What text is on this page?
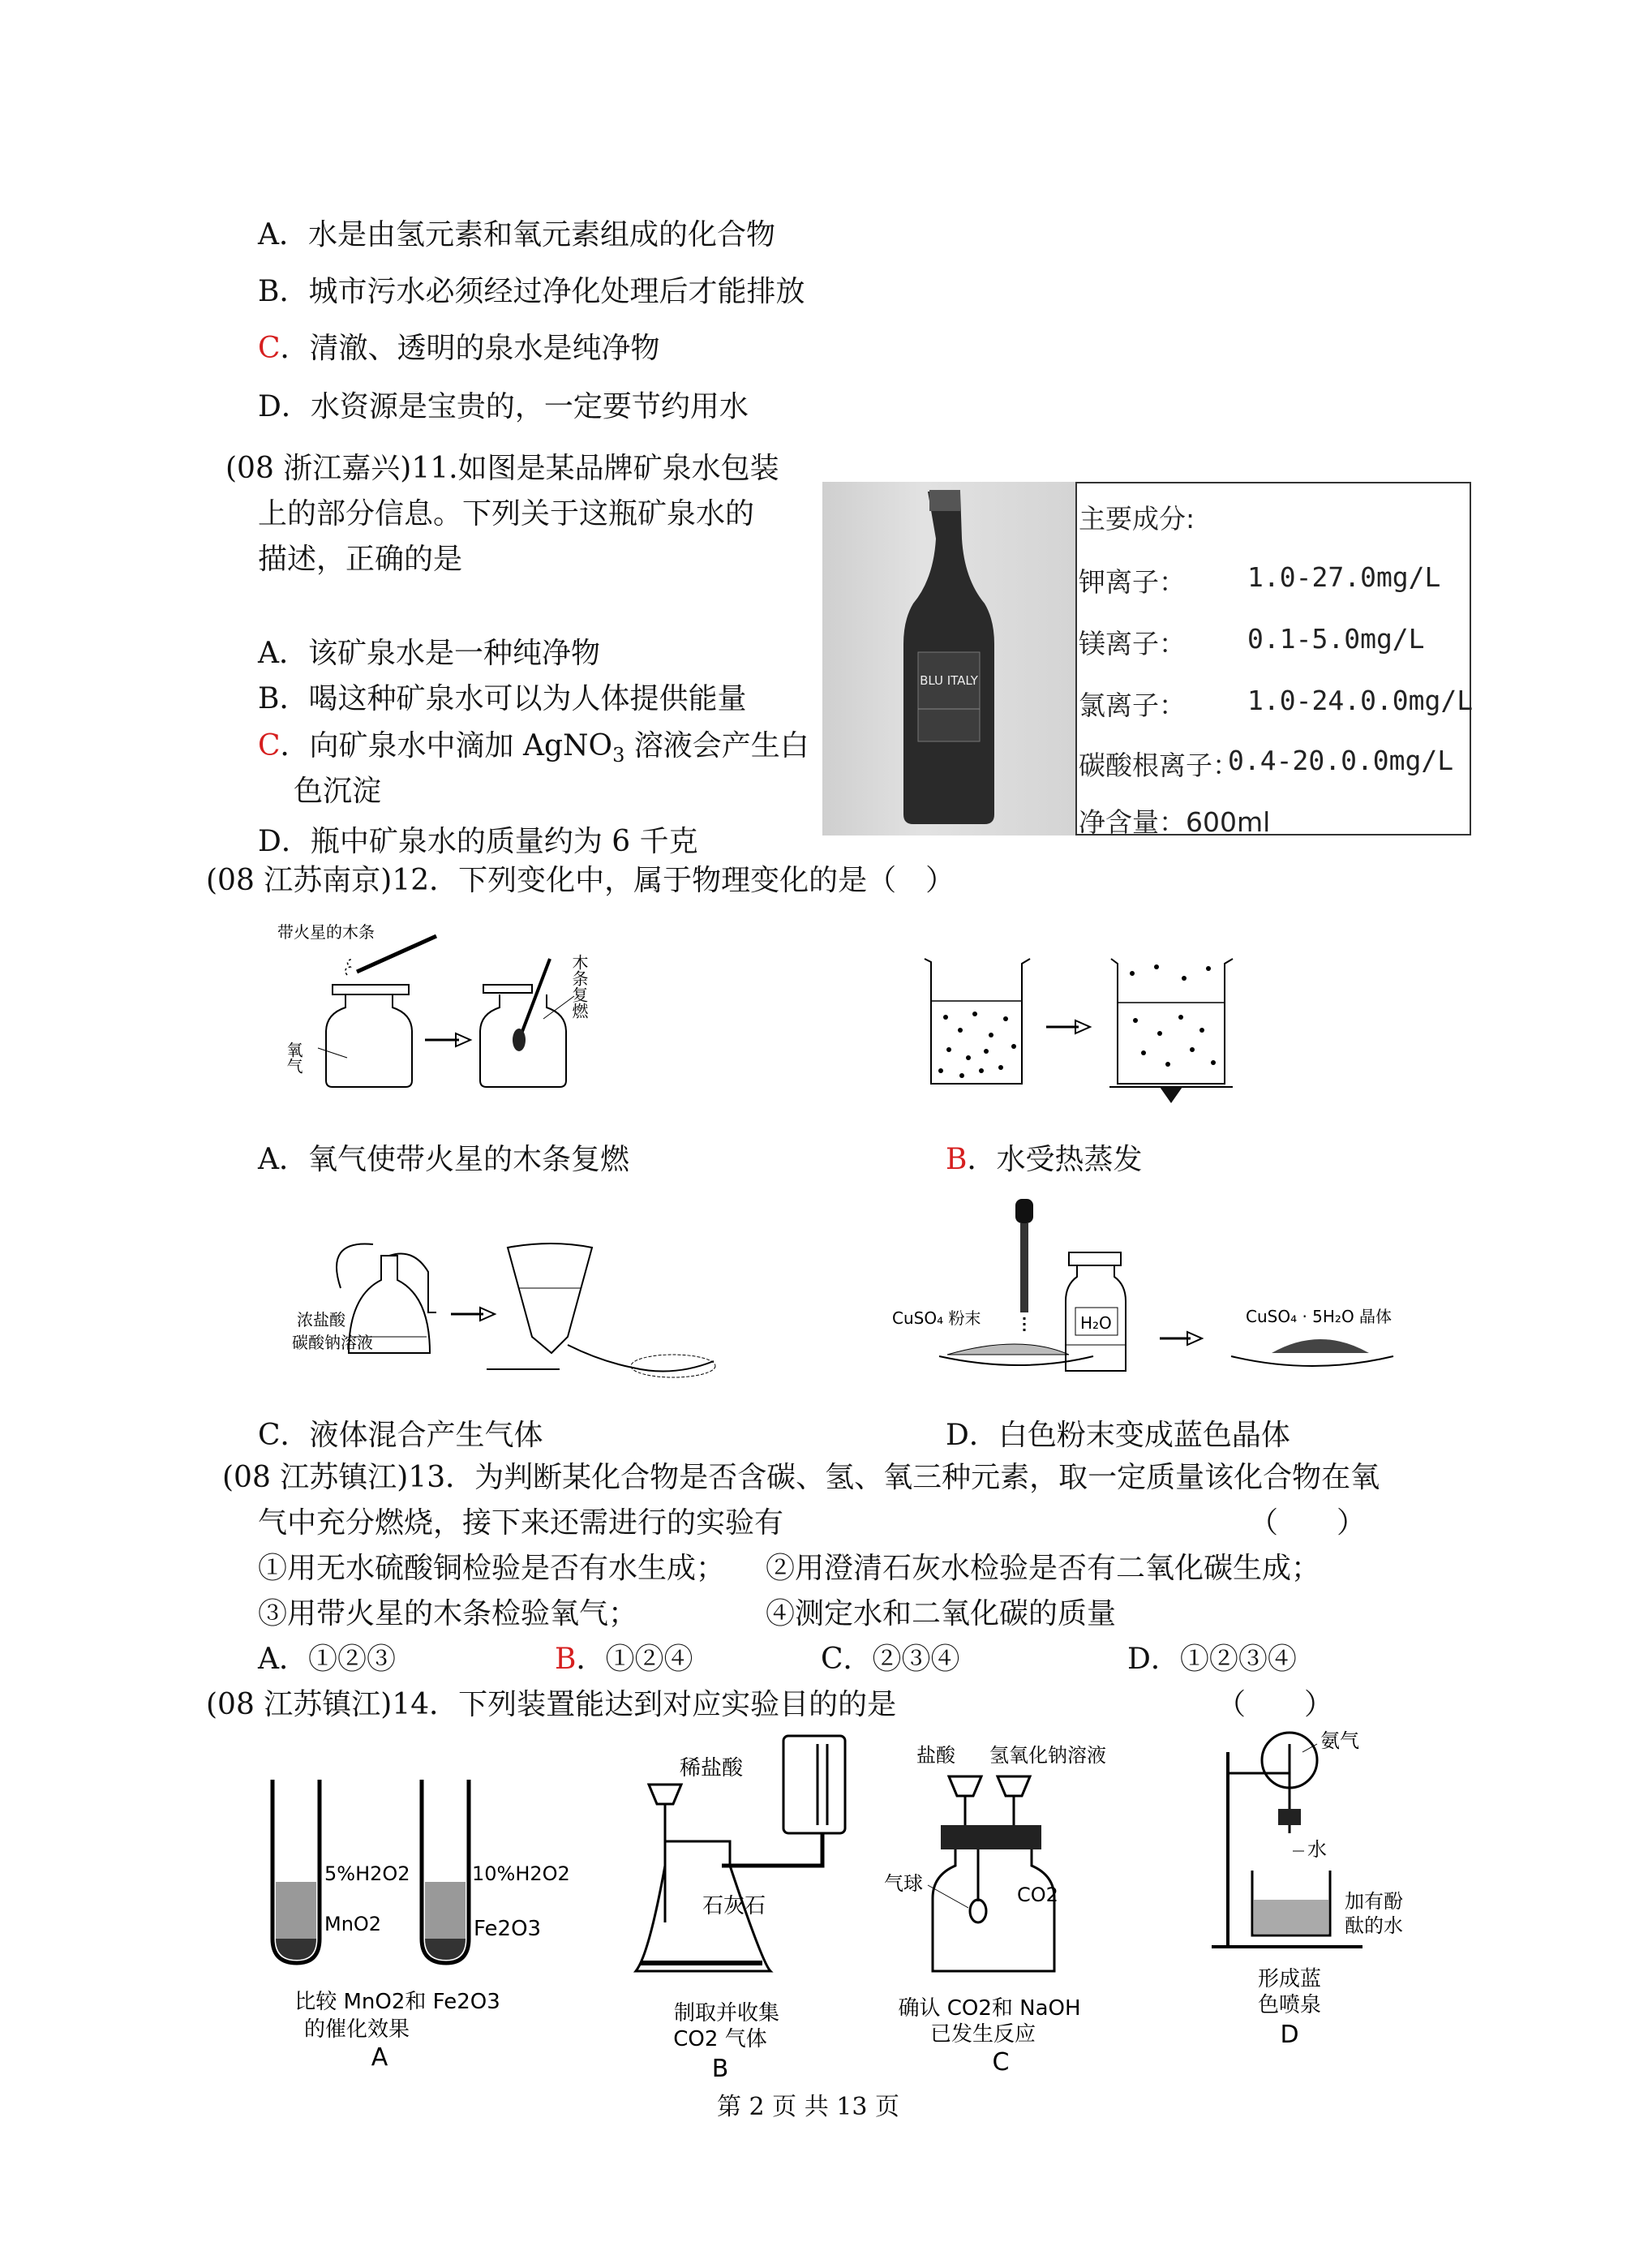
A．水是由氢元素和氧元素组成的化合物
B．城市污水必须经过净化处理后才能排放
C．清澈、透明的泉水是纯净物
D．水资源是宝贵的，一定要节约用水
(08 浙江嘉兴)11.如图是某品牌矿泉水包装
上的部分信息。下列关于这瓶矿泉水的
描述，正确的是
A．该矿泉水是一种纯净物
B．喝这种矿泉水可以为人体提供能量
C．向矿泉水中滴加 AgNO$_3$ 溶液会产生白
色沉淀
D．瓶中矿泉水的质量约为 6 千克
BLU ITALY
主要成分:
钾离子： 1.0-27.0mg/L
镁离子： 0.1-5.0mg/L
氯离子： 1.0-24.0.0mg/L
碳酸根离子：
0.4-20.0.0mg/L
净含量：600ml
(08 江苏南京)12．下列变化中，属于物理变化的是（　）
带火星的木条
氧气
木条复燃
A．氧气使带火星的木条复燃	B．水受热蒸发
浓盐酸
碳酸钠溶液
C．液体混合产生气体
CuSO₄ 粉末	H₂O	CuSO₄ · 5H₂O 晶体
D．白色粉末变成蓝色晶体
(08 江苏镇江)13．为判断某化合物是否含碳、氢、氧三种元素，取一定质量该化合物在氧
气中充分燃烧，接下来还需进行的实验有	（　　）
①用无水硫酸铜检验是否有水生成； ②用澄清石灰水检验是否有二氧化碳生成；
③用带火星的木条检验氧气；	④测定水和二氧化碳的质量
A．①②③	B．①②④	C．②③④	D．①②③④
(08 江苏镇江)14．下列装置能达到对应实验目的的是	（　　）
5%H2O2
MnO2
10%H2O2
Fe2O3
比较 MnO2和 Fe2O3
的催化效果
A
稀盐酸
石灰石
制取并收集
CO2 气体
B
盐酸 氢氧化钠溶液
气球	CO2
确认 CO2和 NaOH
已发生反应
C
氨气
水
加有酚
酞的水
形成蓝
色喷泉
D
第 2 页 共 13 页
